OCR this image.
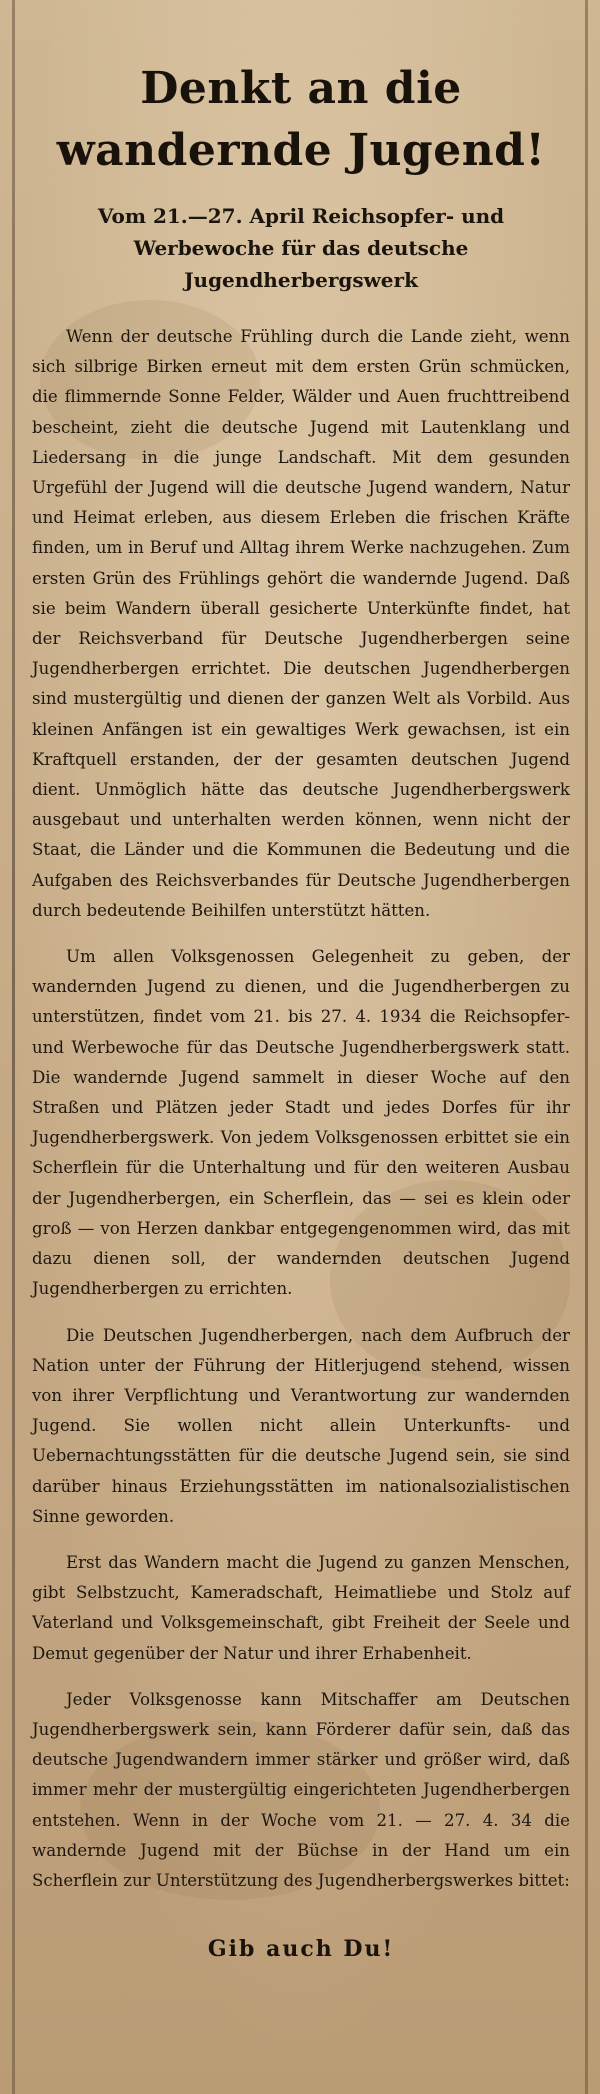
Denkt an die wandernde Jugend!
Vom 21.—27. April Reichsopfer- und Werbewoche für das deutsche Jugendherbergswerk

Wenn der deutsche Frühling durch die Lande zieht, wenn sich silbrige Birken erneut mit dem ersten Grün schmücken, die flimmernde Sonne Felder, Wälder und Auen fruchttreibend bescheint, zieht die deutsche Jugend mit Lautenklang und Liedersang in die junge Landschaft. Mit dem gesunden Urgefühl der Jugend will die deutsche Jugend wandern, Natur und Heimat erleben, aus diesem Erleben die frischen Kräfte finden, um in Beruf und Alltag ihrem Werke nachzugehen. Zum ersten Grün des Frühlings gehört die wandernde Jugend. Daß sie beim Wandern überall gesicherte Unterkünfte findet, hat der Reichsverband für Deutsche Jugendherbergen seine Jugendherbergen errichtet. Die deutschen Jugendherbergen sind mustergültig und dienen der ganzen Welt als Vorbild. Aus kleinen Anfängen ist ein gewaltiges Werk gewachsen, ist ein Kraftquell erstanden, der der gesamten deutschen Jugend dient. Unmöglich hätte das deutsche Jugendherbergswerk ausgebaut und unterhalten werden können, wenn nicht der Staat, die Länder und die Kommunen die Bedeutung und die Aufgaben des Reichsverbandes für Deutsche Jugendherbergen durch bedeutende Beihilfen unterstützt hätten.

Um allen Volksgenossen Gelegenheit zu geben, der wandernden Jugend zu dienen, und die Jugendherbergen zu unterstützen, findet vom 21. bis 27. 4. 1934 die Reichsopfer- und Werbewoche für das Deutsche Jugendherbergswerk statt. Die wandernde Jugend sammelt in dieser Woche auf den Straßen und Plätzen jeder Stadt und jedes Dorfes für ihr Jugendherbergswerk. Von jedem Volksgenossen erbittet sie ein Scherflein für die Unterhaltung und für den weiteren Ausbau der Jugendherbergen, ein Scherflein, das — sei es klein oder groß — von Herzen dankbar entgegengenommen wird, das mit dazu dienen soll, der wandernden deutschen Jugend Jugendherbergen zu errichten.

Die Deutschen Jugendherbergen, nach dem Aufbruch der Nation unter der Führung der Hitlerjugend stehend, wissen von ihrer Verpflichtung und Verantwortung zur wandernden Jugend. Sie wollen nicht allein Unterkunfts- und Uebernachtungsstätten für die deutsche Jugend sein, sie sind darüber hinaus Erziehungsstätten im nationalsozialistischen Sinne geworden.

Erst das Wandern macht die Jugend zu ganzen Menschen, gibt Selbstzucht, Kameradschaft, Heimatliebe und Stolz auf Vaterland und Volksgemeinschaft, gibt Freiheit der Seele und Demut gegenüber der Natur und ihrer Erhabenheit.

Jeder Volksgenosse kann Mitschaffer am Deutschen Jugendherbergswerk sein, kann Förderer dafür sein, daß das deutsche Jugendwandern immer stärker und größer wird, daß immer mehr der mustergültig eingerichteten Jugendherbergen entstehen. Wenn in der Woche vom 21. — 27. 4. 34 die wandernde Jugend mit der Büchse in der Hand um ein Scherflein zur Unterstützung des Jugendherbergswerkes bittet:

Gib auch Du!
